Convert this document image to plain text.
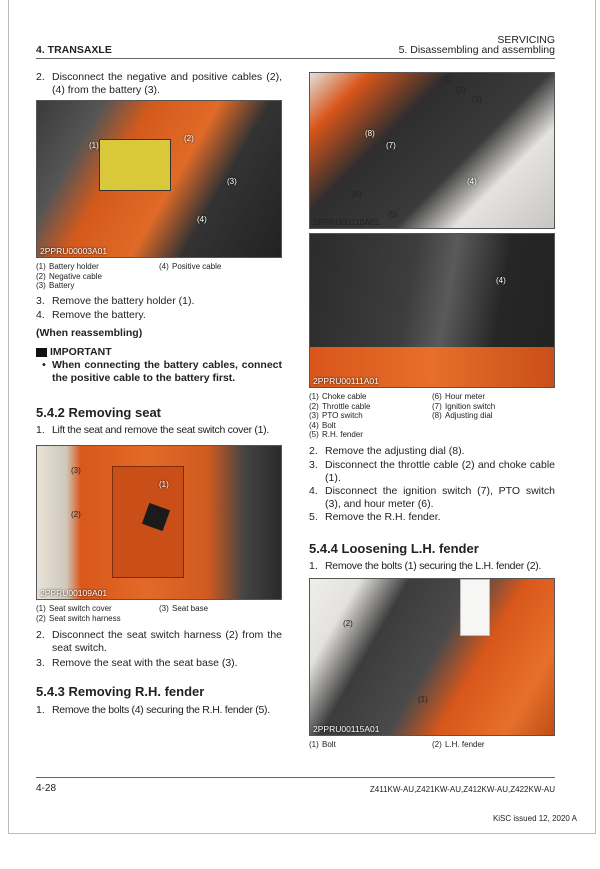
SERVICING
4. TRANSAXLE	5. Disassembling and assembling
2. Disconnect the negative and positive cables (2), (4) from the battery (3).
(1)
(2)
(3)
(4)
2PPRU00003A01
(1) Battery holder	(4) Positive cable
(2) Negative cable
(3) Battery
3. Remove the battery holder (1).
4. Remove the battery.
(When reassembling)
IMPORTANT
• When connecting the battery cables, connect the positive cable to the battery first.
5.4.2 Removing seat
1. Lift the seat and remove the seat switch cover (1).
(3)
(1)
(2)
2PPRU00109A01
(1) Seat switch cover	(3) Seat base
(2) Seat switch harness
2. Disconnect the seat switch harness (2) from the seat switch.
3. Remove the seat with the seat base (3).
5.4.3 Removing R.H. fender
1. Remove the bolts (4) securing the R.H. fender (5).
(1)
(2)
(3)
(8)
(7)
(6)
(5)
(4)
2PPRU00110A01
(4)
2PPRU00111A01
(1) Choke cable	(6) Hour meter
(2) Throttle cable	(7) Ignition switch
(3) PTO switch	(8) Adjusting dial
(4) Bolt
(5) R.H. fender
2. Remove the adjusting dial (8).
3. Disconnect the throttle cable (2) and choke cable (1).
4. Disconnect the ignition switch (7), PTO switch (3), and hour meter (6).
5. Remove the R.H. fender.
5.4.4 Loosening L.H. fender
1. Remove the bolts (1) securing the L.H. fender (2).
(2)
(1)
2PPRU00115A01
(1) Bolt	(2) L.H. fender
4-28	Z411KW-AU,Z421KW-AU,Z412KW-AU,Z422KW-AU
KiSC issued 12, 2020 A
